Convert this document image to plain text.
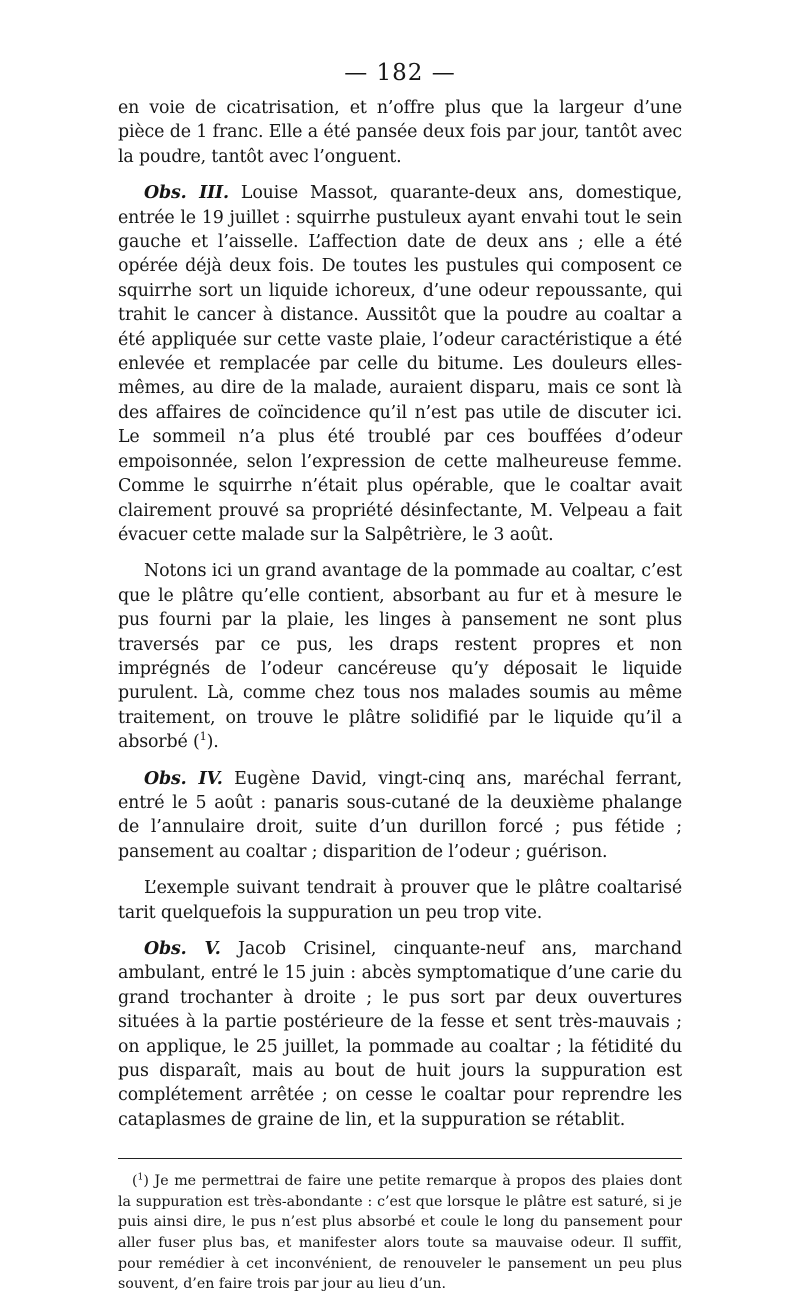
— 182 —

en voie de cicatrisation, et n’offre plus que la largeur d’une pièce de 1 franc. Elle a été pansée deux fois par jour, tantôt avec la poudre, tantôt avec l’onguent.

Obs. III. Louise Massot, quarante-deux ans, domestique, entrée le 19 juillet : squirrhe pustuleux ayant envahi tout le sein gauche et l’aisselle. L’affection date de deux ans ; elle a été opérée déjà deux fois. De toutes les pustules qui composent ce squirrhe sort un liquide ichoreux, d’une odeur repoussante, qui trahit le cancer à distance. Aussitôt que la poudre au coaltar a été appliquée sur cette vaste plaie, l’odeur caractéristique a été enlevée et remplacée par celle du bitume. Les douleurs elles-mêmes, au dire de la malade, auraient disparu, mais ce sont là des affaires de coïncidence qu’il n’est pas utile de discuter ici. Le sommeil n’a plus été troublé par ces bouffées d’odeur empoisonnée, selon l’expression de cette malheureuse femme. Comme le squirrhe n’était plus opérable, que le coaltar avait clairement prouvé sa propriété désinfectante, M. Velpeau a fait évacuer cette malade sur la Salpêtrière, le 3 août.

Notons ici un grand avantage de la pommade au coaltar, c’est que le plâtre qu’elle contient, absorbant au fur et à mesure le pus fourni par la plaie, les linges à pansement ne sont plus traversés par ce pus, les draps restent propres et non imprégnés de l’odeur cancéreuse qu’y déposait le liquide purulent. Là, comme chez tous nos malades soumis au même traitement, on trouve le plâtre solidifié par le liquide qu’il a absorbé ($^1$).

Obs. IV. Eugène David, vingt-cinq ans, maréchal ferrant, entré le 5 août : panaris sous-cutané de la deuxième phalange de l’annulaire droit, suite d’un durillon forcé ; pus fétide ; pansement au coaltar ; disparition de l’odeur ; guérison.

L’exemple suivant tendrait à prouver que le plâtre coaltarisé tarit quelquefois la suppuration un peu trop vite.

Obs. V. Jacob Crisinel, cinquante-neuf ans, marchand ambulant, entré le 15 juin : abcès symptomatique d’une carie du grand trochanter à droite ; le pus sort par deux ouvertures situées à la partie postérieure de la fesse et sent très-mauvais ; on applique, le 25 juillet, la pommade au coaltar ; la fétidité du pus disparaît, mais au bout de huit jours la suppuration est complétement arrêtée ; on cesse le coaltar pour reprendre les cataplasmes de graine de lin, et la suppuration se rétablit.

($^1$) Je me permettrai de faire une petite remarque à propos des plaies dont la suppuration est très-abondante : c’est que lorsque le plâtre est saturé, si je puis ainsi dire, le pus n’est plus absorbé et coule le long du pansement pour aller fuser plus bas, et manifester alors toute sa mauvaise odeur. Il suffit, pour remédier à cet inconvénient, de renouveler le pansement un peu plus souvent, d’en faire trois par jour au lieu d’un.
